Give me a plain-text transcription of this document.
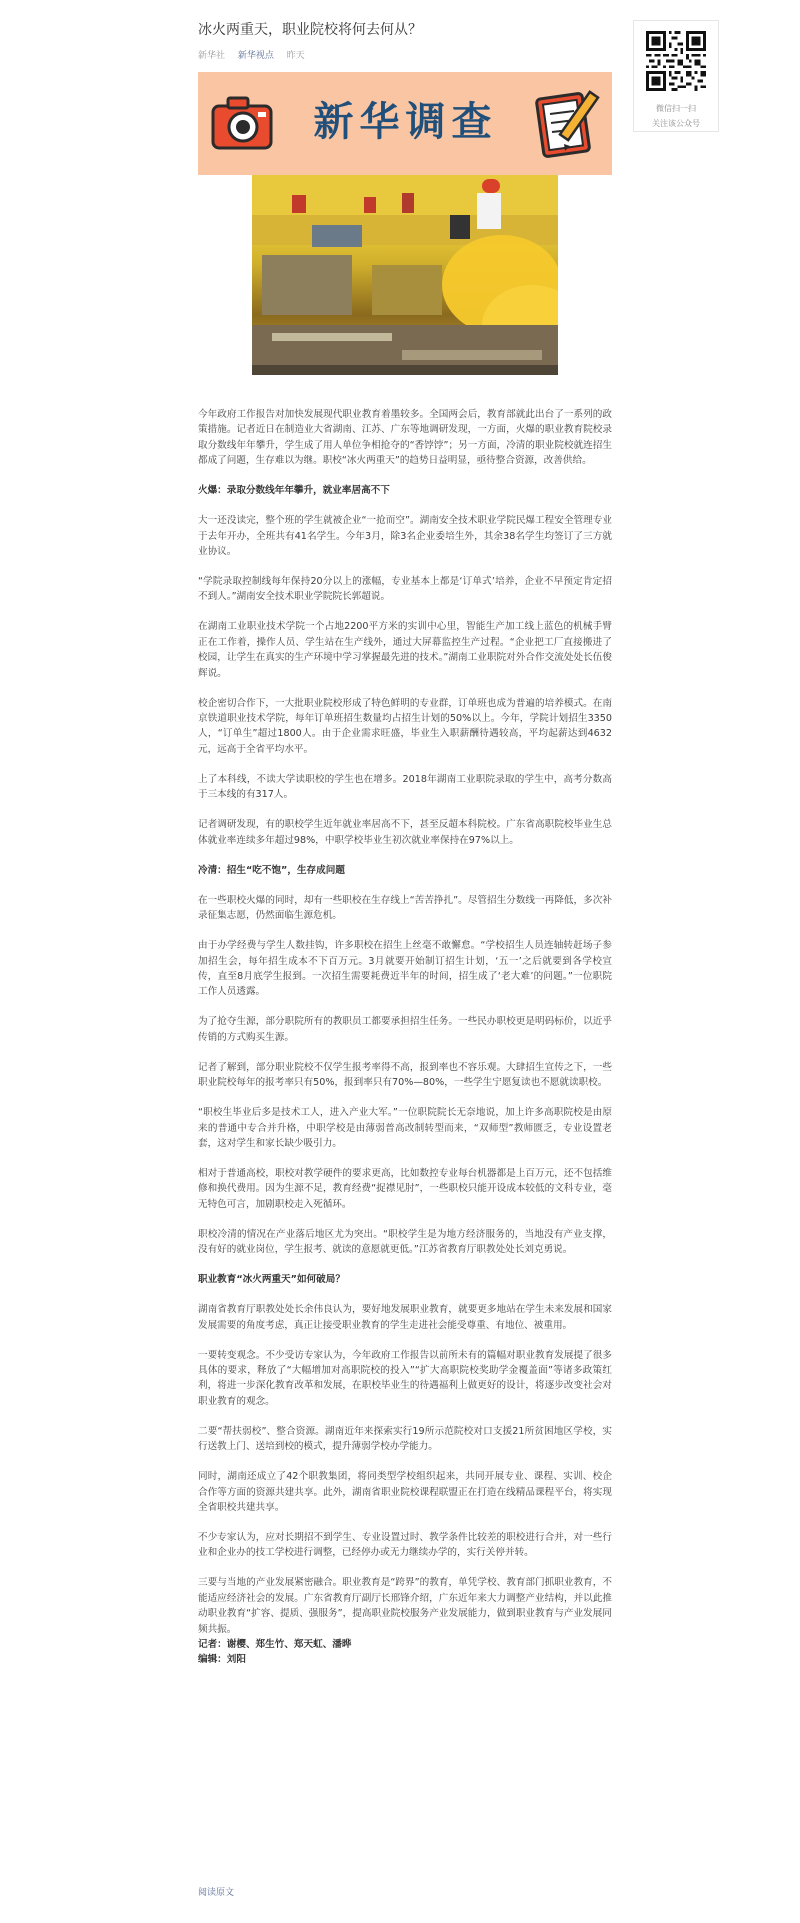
冰火两重天，职业院校将何去何从？
新华社 新华视点 昨天
新华调查

今年政府工作报告对加快发展现代职业教育着墨较多。全国两会后，教育部就此出台了一系列的政策措施。记者近日在制造业大省湖南、江苏、广东等地调研发现，一方面，火爆的职业教育院校录取分数线年年攀升，学生成了用人单位争相抢夺的“香饽饽”；另一方面，冷清的职业院校就连招生都成了问题，生存难以为继。职校“冰火两重天”的趋势日益明显，亟待整合资源，改善供给。

火爆：录取分数线年年攀升，就业率居高不下

大一还没读完，整个班的学生就被企业“一抢而空”。湖南安全技术职业学院民爆工程安全管理专业于去年开办，全班共有41名学生。今年3月，除3名企业委培生外，其余38名学生均签订了三方就业协议。

“学院录取控制线每年保持20分以上的涨幅，专业基本上都是‘订单式’培养，企业不早预定肯定招不到人。”湖南安全技术职业学院院长郭超说。

在湖南工业职业技术学院一个占地2200平方米的实训中心里，智能生产加工线上蓝色的机械手臂正在工作着，操作人员、学生站在生产线外，通过大屏幕监控生产过程。“企业把工厂直接搬进了校园，让学生在真实的生产环境中学习掌握最先进的技术。”湖南工业职院对外合作交流处处长伍俊辉说。

校企密切合作下，一大批职业院校形成了特色鲜明的专业群，订单班也成为普遍的培养模式。在南京铁道职业技术学院，每年订单班招生数量均占招生计划的50%以上。今年，学院计划招生3350人，“订单生”超过1800人。由于企业需求旺盛，毕业生入职薪酬待遇较高，平均起薪达到4632元，远高于全省平均水平。

上了本科线，不读大学读职校的学生也在增多。2018年湖南工业职院录取的学生中，高考分数高于三本线的有317人。

记者调研发现，有的职校学生近年就业率居高不下，甚至反超本科院校。广东省高职院校毕业生总体就业率连续多年超过98%，中职学校毕业生初次就业率保持在97%以上。

冷清：招生“吃不饱”，生存成问题

在一些职校火爆的同时，却有一些职校在生存线上“苦苦挣扎”。尽管招生分数线一再降低，多次补录征集志愿，仍然面临生源危机。

由于办学经费与学生人数挂钩，许多职校在招生上丝毫不敢懈怠。“学校招生人员连轴转赶场子参加招生会，每年招生成本不下百万元。3月就要开始制订招生计划，‘五一’之后就要到各学校宣传，直至8月底学生报到。一次招生需要耗费近半年的时间，招生成了‘老大难’的问题。”一位职院工作人员透露。

为了抢夺生源，部分职院所有的教职员工都要承担招生任务。一些民办职校更是明码标价，以近乎传销的方式购买生源。

记者了解到，部分职业院校不仅学生报考率得不高，报到率也不容乐观。大肆招生宣传之下，一些职业院校每年的报考率只有50%，报到率只有70%—80%，一些学生宁愿复读也不愿就读职校。

“职校生毕业后多是技术工人，进入产业大军。”一位职院院长无奈地说，加上许多高职院校是由原来的普通中专合并升格，中职学校是由薄弱普高改制转型而来，“双师型”教师匮乏，专业设置老套，这对学生和家长缺少吸引力。

相对于普通高校，职校对教学硬件的要求更高，比如数控专业每台机器都是上百万元，还不包括维修和换代费用。因为生源不足，教育经费“捉襟见肘”，一些职校只能开设成本较低的文科专业，毫无特色可言，加剧职校走入死循环。

职校冷清的情况在产业落后地区尤为突出。“职校学生是为地方经济服务的，当地没有产业支撑，没有好的就业岗位，学生报考、就读的意愿就更低。”江苏省教育厅职教处处长刘克勇说。

职业教育“冰火两重天”如何破局？

湖南省教育厅职教处处长余伟良认为，要好地发展职业教育，就要更多地站在学生未来发展和国家发展需要的角度考虑，真正让接受职业教育的学生走进社会能受尊重、有地位、被重用。

一要转变观念。不少受访专家认为，今年政府工作报告以前所未有的篇幅对职业教育发展提了很多具体的要求，释放了“大幅增加对高职院校的投入”“扩大高职院校奖助学金覆盖面”等诸多政策红利，将进一步深化教育改革和发展，在职校毕业生的待遇福利上做更好的设计，将逐步改变社会对职业教育的观念。

二要“帮扶弱校”、整合资源。湖南近年来探索实行19所示范院校对口支援21所贫困地区学校，实行送教上门、送培到校的模式，提升薄弱学校办学能力。

同时，湖南还成立了42个职教集团，将同类型学校组织起来，共同开展专业、课程、实训、校企合作等方面的资源共建共享。此外，湖南省职业院校课程联盟正在打造在线精品课程平台，将实现全省职校共建共享。

不少专家认为，应对长期招不到学生、专业设置过时、教学条件比较差的职校进行合并，对一些行业和企业办的技工学校进行调整，已经停办或无力继续办学的，实行关停并转。

三要与当地的产业发展紧密融合。职业教育是“跨界”的教育，单凭学校、教育部门抓职业教育，不能适应经济社会的发展。广东省教育厅副厅长邢锋介绍，广东近年来大力调整产业结构，并以此推动职业教育“扩容、提质、强服务”，提高职业院校服务产业发展能力，做到职业教育与产业发展同频共振。

记者：谢樱、郑生竹、郑天虹、潘晔

编辑：刘阳

阅读原文
微信扫一扫
关注该公众号
